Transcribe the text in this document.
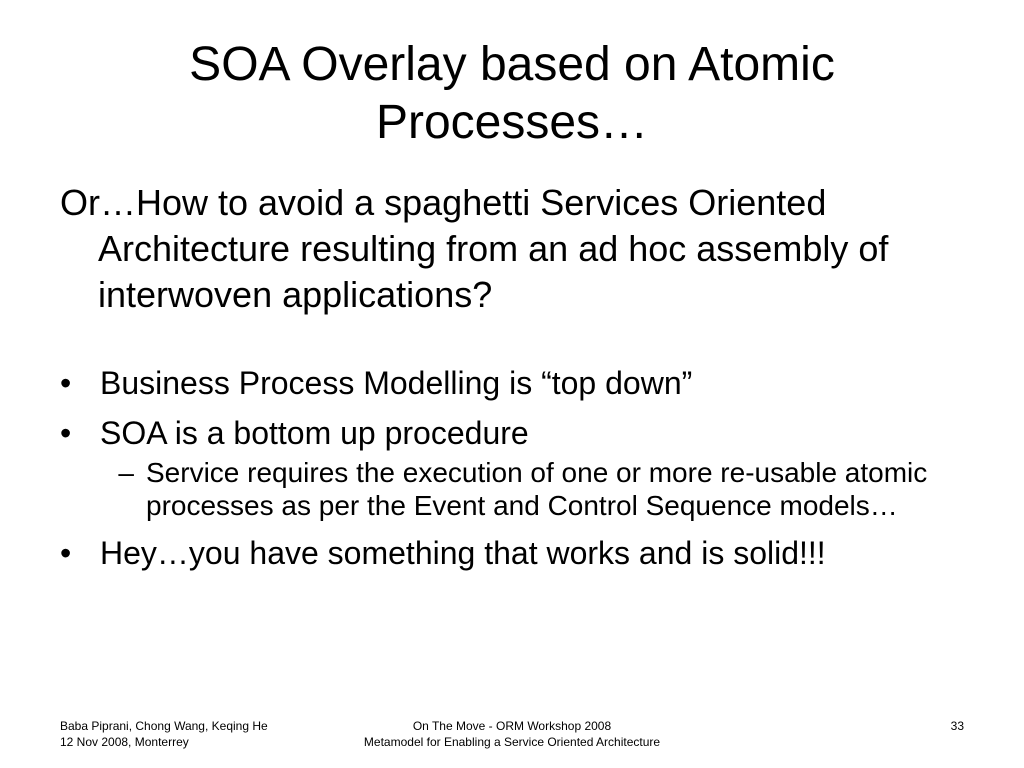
SOA Overlay based on Atomic Processes…

Or…How to avoid a spaghetti Services Oriented Architecture resulting from an ad hoc assembly of interwoven applications?

• Business Process Modelling is “top down”
• SOA is a bottom up procedure
– Service requires the execution of one or more re-usable atomic processes as per the Event and Control Sequence models…
• Hey…you have something that works and is solid!!!
Baba Piprani, Chong Wang, Keqing He
12 Nov 2008, Monterrey
On The Move - ORM Workshop 2008
Metamodel for Enabling a Service Oriented Architecture
33
